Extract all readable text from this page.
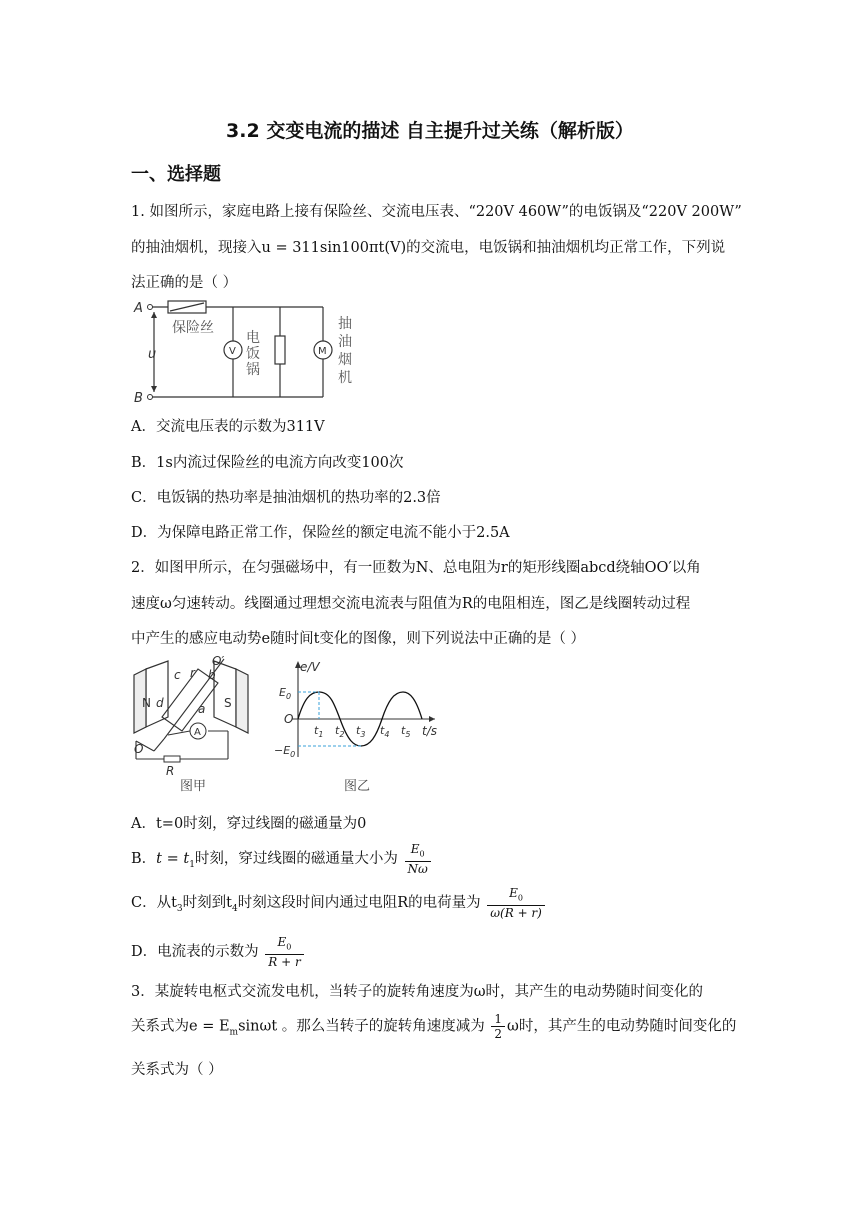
3.2 交变电流的描述 自主提升过关练（解析版）
一、选择题
1. 如图所示，家庭电路上接有保险丝、交流电压表、“220V 460W”的电饭锅及“220V 200W”
的抽油烟机，现接入u = 311sin100πt(V)的交流电，电饭锅和抽油烟机均正常工作，下列说
法正确的是（ ）
A
B
u
保险丝
V	M
电
饭
锅
抽
油
烟
机
A．交流电压表的示数为311V
B．1s内流过保险丝的电流方向改变100次
C．电饭锅的热功率是抽油烟机的热功率的2.3倍
D．为保障电路正常工作，保险丝的额定电流不能小于2.5A
2．如图甲所示，在匀强磁场中，有一匝数为N、总电阻为r的矩形线圈abcd绕轴OO′以角
速度ω匀速转动。线圈通过理想交流电流表与阻值为R的电阻相连，图乙是线圈转动过程
中产生的感应电动势e随时间t变化的图像，则下列说法中正确的是（ ）
O′
c r b
N d	a S
O
A
R
图甲
e/V
$E_0$
O
$-E_0$
$t_1$ $t_2$ $t_3$ $t_4$ $t_5$ t/s
图乙
A．t=0时刻，穿过线圈的磁通量为0
B．$t = t_1$时刻，穿过线圈的磁通量大小为 $\frac{E_0}{N\omega}$
C．从$t_3$时刻到$t_4$时刻这段时间内通过电阻R的电荷量为 $\frac{E_0}{\omega(R + r)}$
D．电流表的示数为 $\frac{E_0}{R + r}$
3．某旋转电枢式交流发电机，当转子的旋转角速度为ω时，其产生的电动势随时间变化的
关系式为$e = E_m\sin\omega t$ 。那么当转子的旋转角速度减为 $\frac{1}{2}$ ω时，其产生的电动势随时间变化的
关系式为（ ）
